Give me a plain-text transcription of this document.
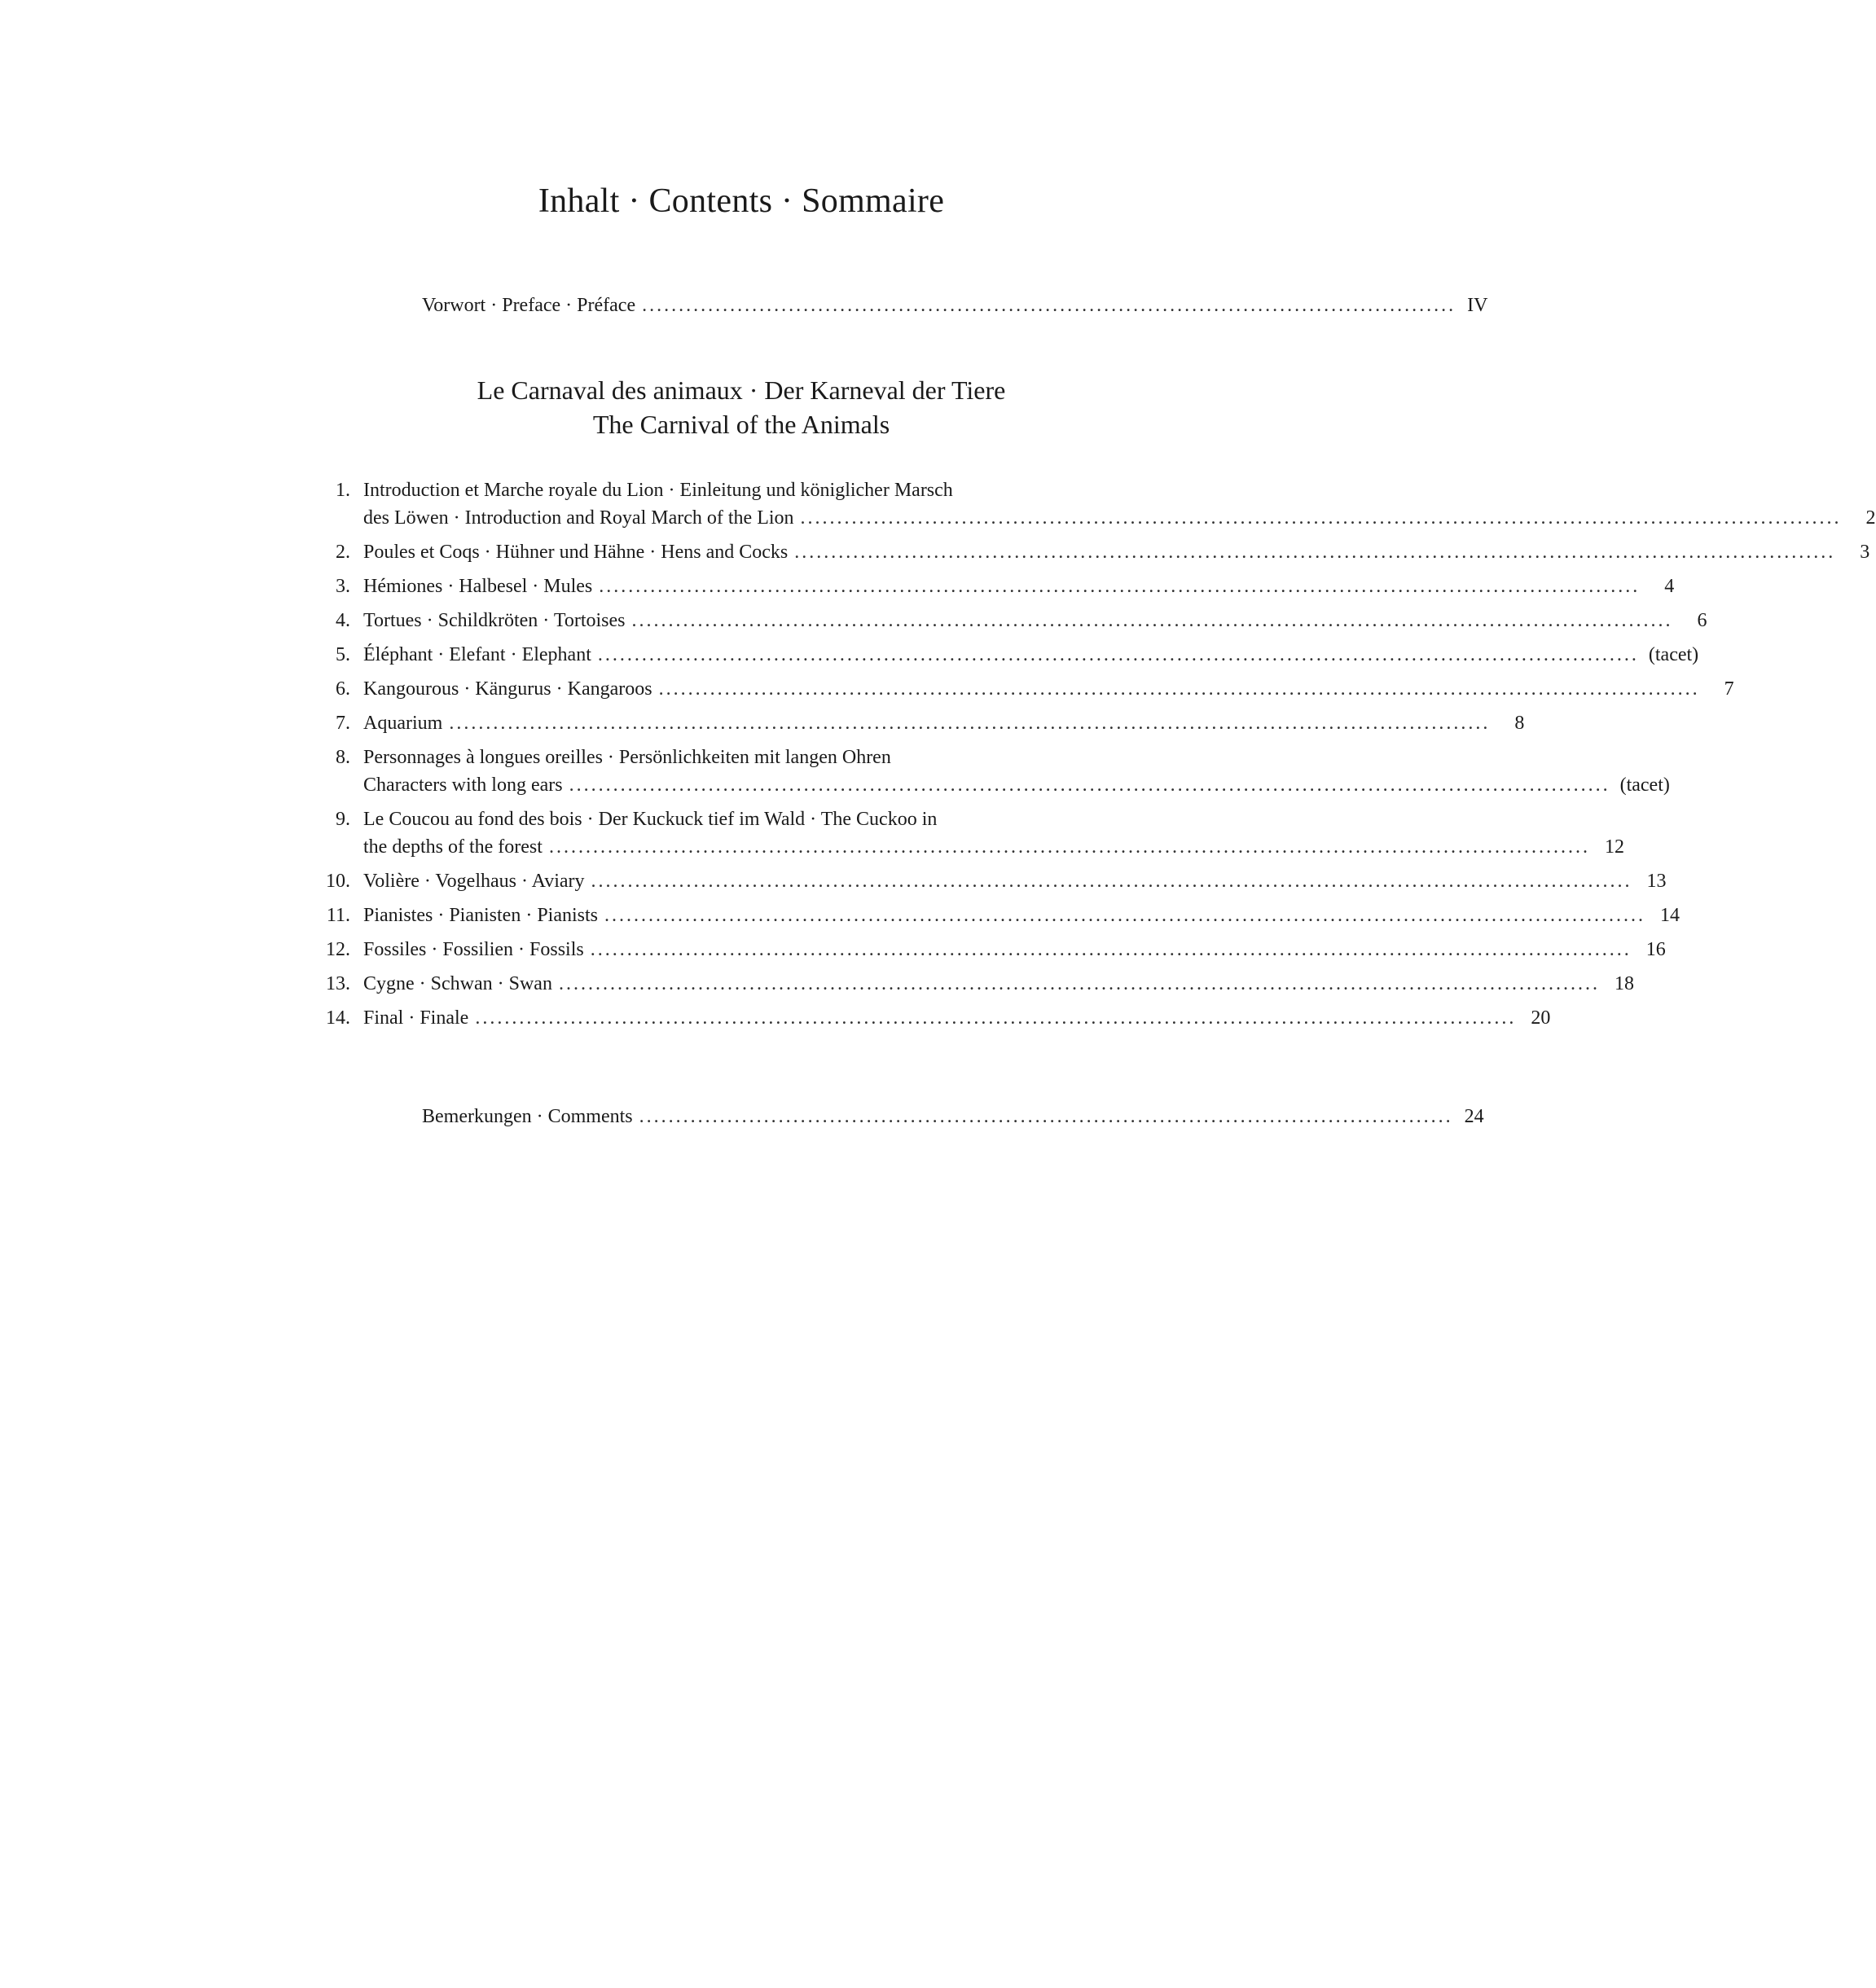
Inhalt · Contents · Sommaire
Vorwort · Preface · Préface ............................................................................................................... IV
Le Carnaval des animaux · Der Karneval der Tiere
The Carnival of the Animals
1. Introduction et Marche royale du Lion · Einleitung und königlicher Marsch
des Löwen · Introduction and Royal March of the Lion ..............................................................................................................................................	2
2. Poules et Coqs · Hühner und Hähne · Hens and Cocks ..............................................................................................................................................	3
3. Hémiones · Halbesel · Mules ..............................................................................................................................................	4
4. Tortues · Schildkröten · Tortoises ..............................................................................................................................................	6
5. Éléphant · Elefant · Elephant .............................................................................................................................................. (tacet)
6. Kangourous · Kängurus · Kangaroos ..............................................................................................................................................	7
7. Aquarium ..............................................................................................................................................	8
8. Personnages à longues oreilles · Persönlichkeiten mit langen Ohren
Characters with long ears .............................................................................................................................................. (tacet)
9. Le Coucou au fond des bois · Der Kuckuck tief im Wald · The Cuckoo in
the depths of the forest .............................................................................................................................................. 12
10. Volière · Vogelhaus · Aviary .............................................................................................................................................. 13
11. Pianistes · Pianisten · Pianists .............................................................................................................................................. 14
12. Fossiles · Fossilien · Fossils .............................................................................................................................................. 16
13. Cygne · Schwan · Swan .............................................................................................................................................. 18
14. Final · Finale .............................................................................................................................................. 20
Bemerkungen · Comments ............................................................................................................... 24
